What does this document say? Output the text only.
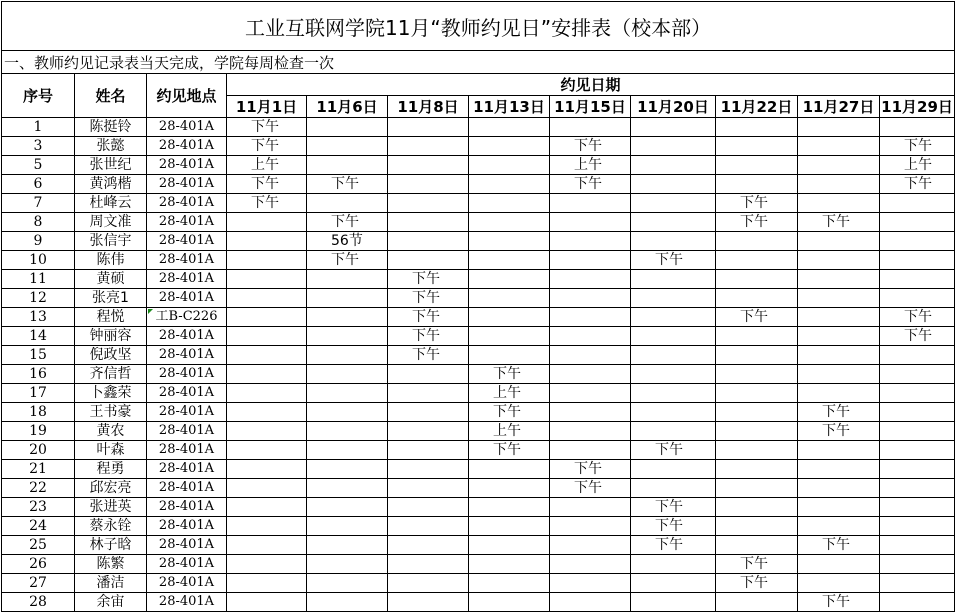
工业互联网学院11月“教师约见日”安排表（校本部）											
一、教师约见记录表当天完成，学院每周检查一次											
序号	姓名	约见地点	约见日期								
			11月1日	11月6日	11月8日	11月13日	11月15日	11月20日	11月22日	11月27日	11月29日
1	陈挺铃	28-401A	下午								
3	张懿	28-401A	下午				下午				下午
5	张世纪	28-401A	上午				上午				上午
6	黄鸿楷	28-401A	下午	下午			下午				下午
7	杜峰云	28-401A	下午						下午		
8	周文准	28-401A		下午					下午	下午	
9	张信宇	28-401A		56节							
10	陈伟	28-401A		下午				下午			
11	黄硕	28-401A			下午						
12	张亮1	28-401A			下午						
13	程悦	工B-C226			下午				下午		下午
14	钟丽容	28-401A			下午						下午
15	倪政坚	28-401A			下午						
16	齐信哲	28-401A				下午					
17	卜鑫荣	28-401A				上午					
18	王书豪	28-401A				下午				下午	
19	黄农	28-401A				上午				下午	
20	叶森	28-401A				下午		下午			
21	程勇	28-401A					下午				
22	邱宏亮	28-401A					下午				
23	张进英	28-401A						下午			
24	蔡永铨	28-401A						下午			
25	林子晗	28-401A						下午		下午	
26	陈繁	28-401A							下午		
27	潘洁	28-401A							下午		
28	余宙	28-401A								下午	
